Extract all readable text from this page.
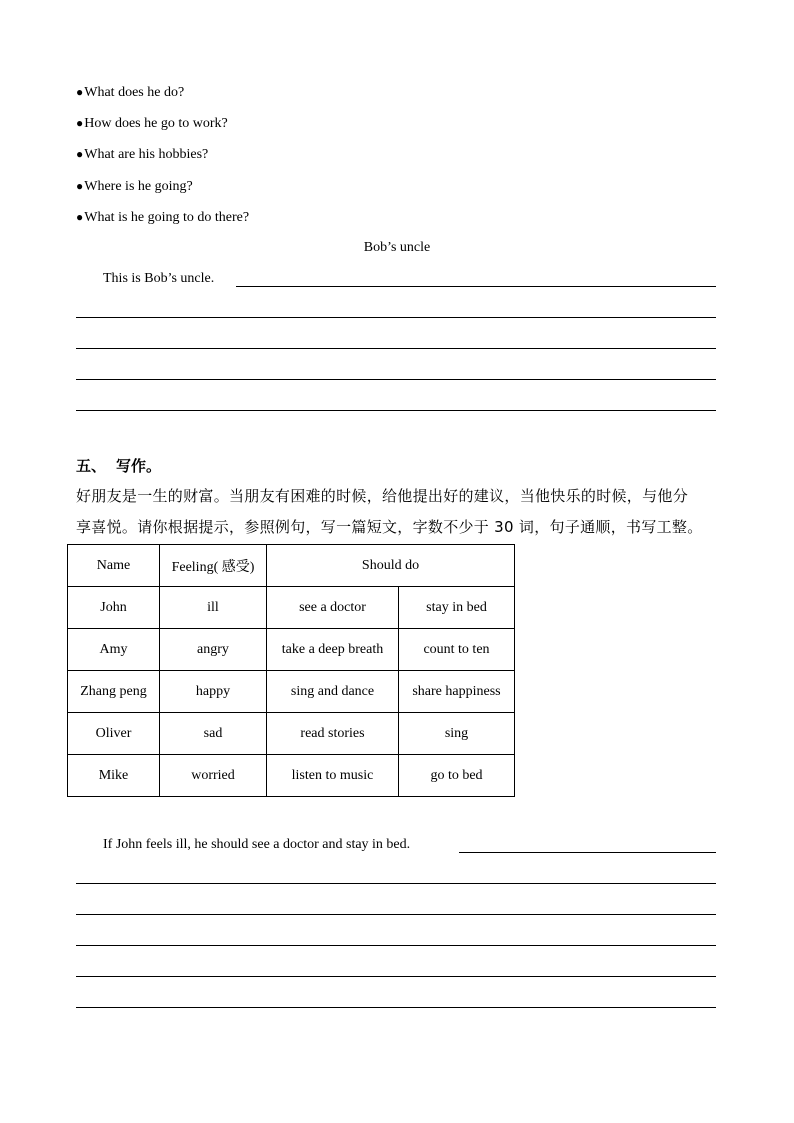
●What does he do?
●How does he go to work?
●What are his hobbies?
●Where is he going?
●What is he going to do there?
Bob’s uncle
This is Bob’s uncle.
五、 写作。
好朋友是一生的财富。当朋友有困难的时候，给他提出好的建议，当他快乐的时候，与他分
享喜悦。请你根据提示，参照例句，写一篇短文，字数不少于 30 词，句子通顺，书写工整。
Name	Feeling( 感受)	Should do	
John	ill	see a doctor	stay in bed
Amy	angry	take a deep breath	count to ten
Zhang peng	happy	sing and dance	share happiness
Oliver	sad	read stories	sing
Mike	worried	listen to music	go to bed
If John feels ill, he should see a doctor and stay in bed.
